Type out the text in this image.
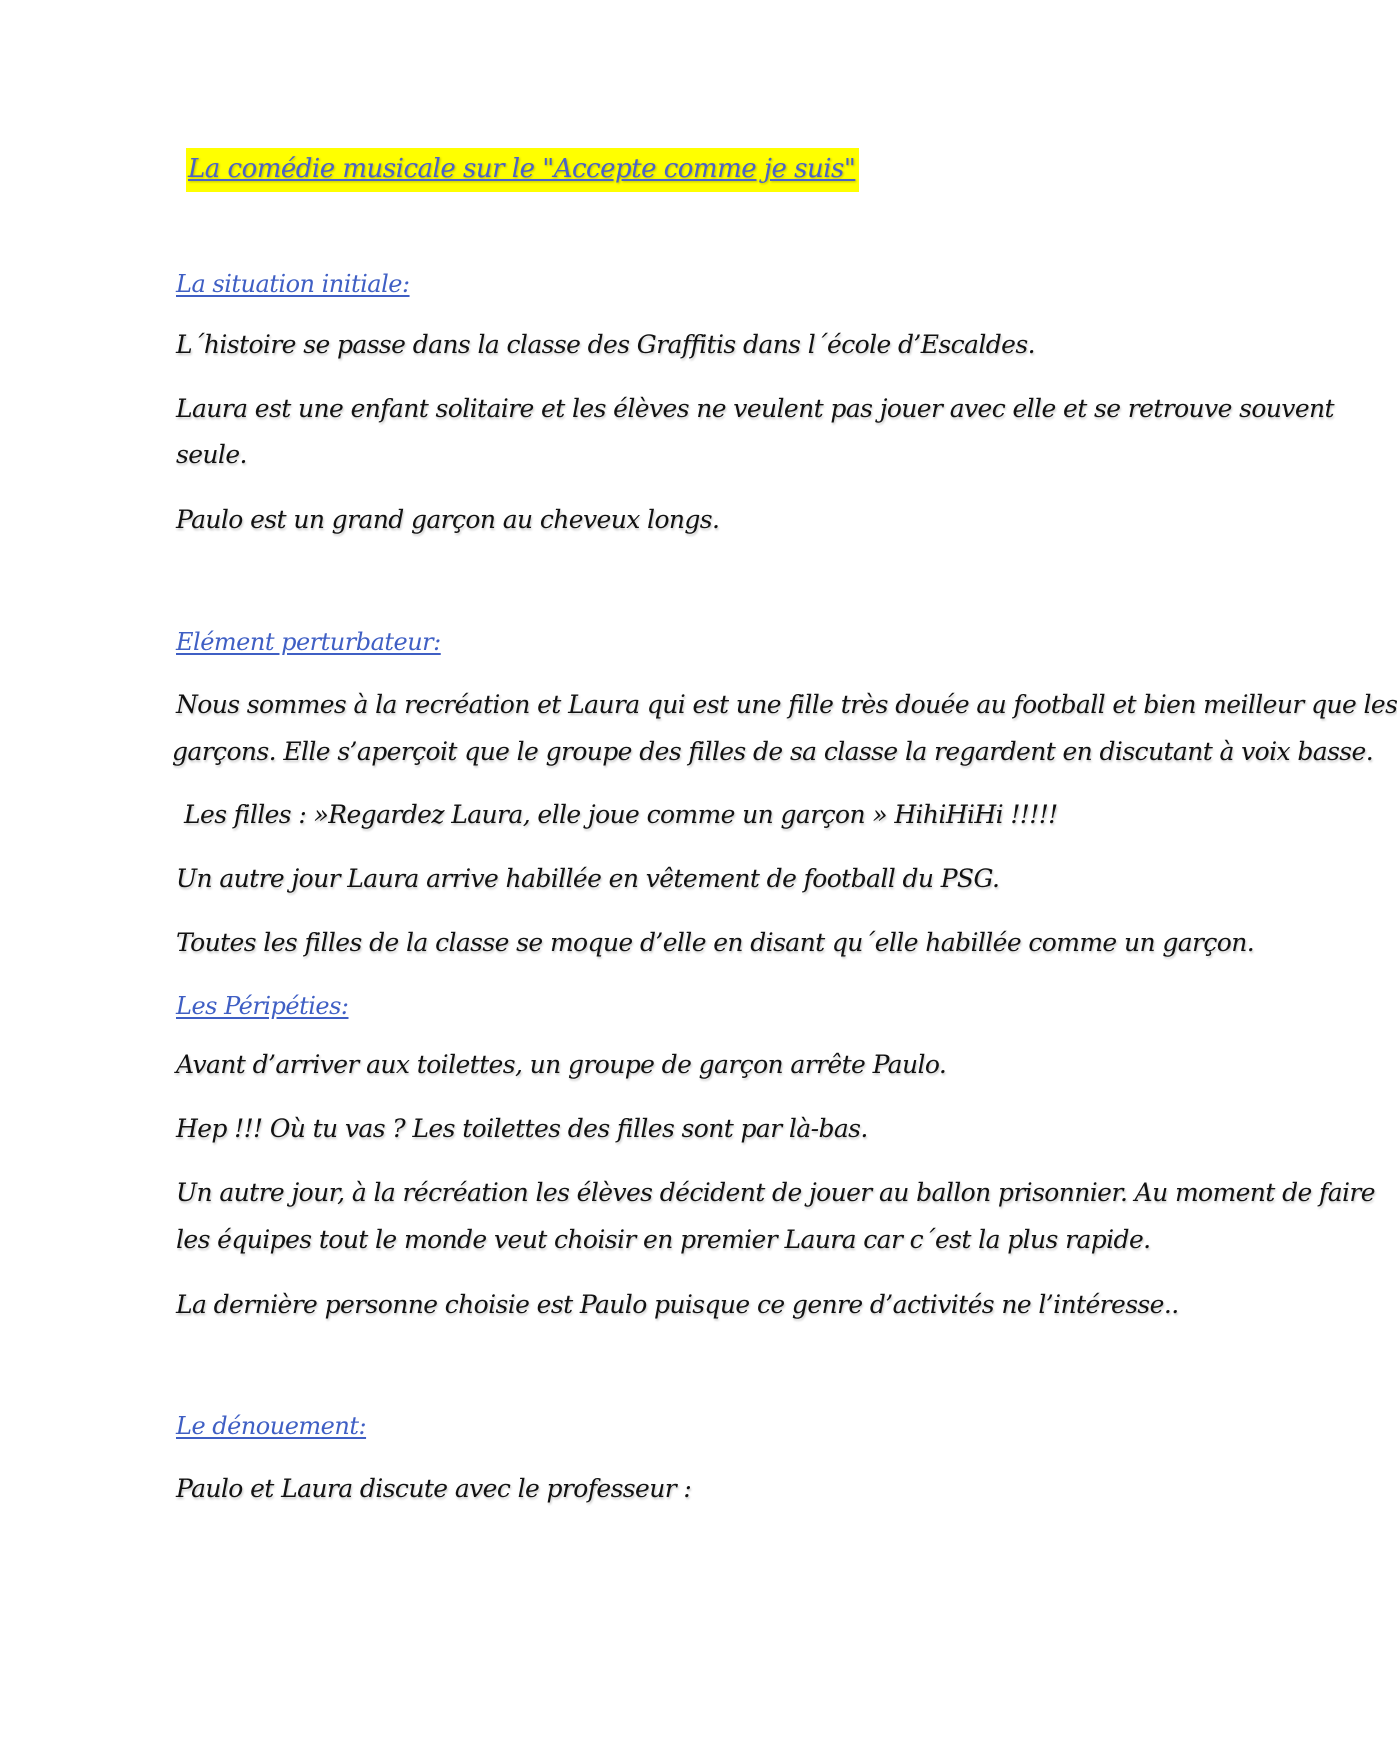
La comédie musicale sur le "Accepte comme je suis"
La situation initiale:
L´histoire se passe dans la classe des Graffitis dans l´école d’Escaldes.
Laura est une enfant solitaire et les élèves ne veulent pas jouer avec elle et se retrouve souvent
seule.
Paulo est un grand garçon au cheveux longs.
Elément perturbateur:
Nous sommes à la recréation et Laura qui est une fille très douée au football et bien meilleur que les
garçons. Elle s’aperçoit que le groupe des filles de sa classe la regardent en discutant à voix basse.
Les filles : »Regardez Laura, elle joue comme un garçon » HihiHiHi !!!!!
Un autre jour Laura arrive habillée en vêtement de football du PSG.
Toutes les filles de la classe se moque d’elle en disant qu´elle habillée comme un garçon.
Les Péripéties:
Avant d’arriver aux toilettes, un groupe de garçon arrête Paulo.
Hep !!! Où tu vas ? Les toilettes des filles sont par là-bas.
Un autre jour, à la récréation les élèves décident de jouer au ballon prisonnier. Au moment de faire
les équipes tout le monde veut choisir en premier Laura car c´est la plus rapide.
La dernière personne choisie est Paulo puisque ce genre d’activités ne l’intéresse..
Le dénouement:
Paulo et Laura discute avec le professeur :
